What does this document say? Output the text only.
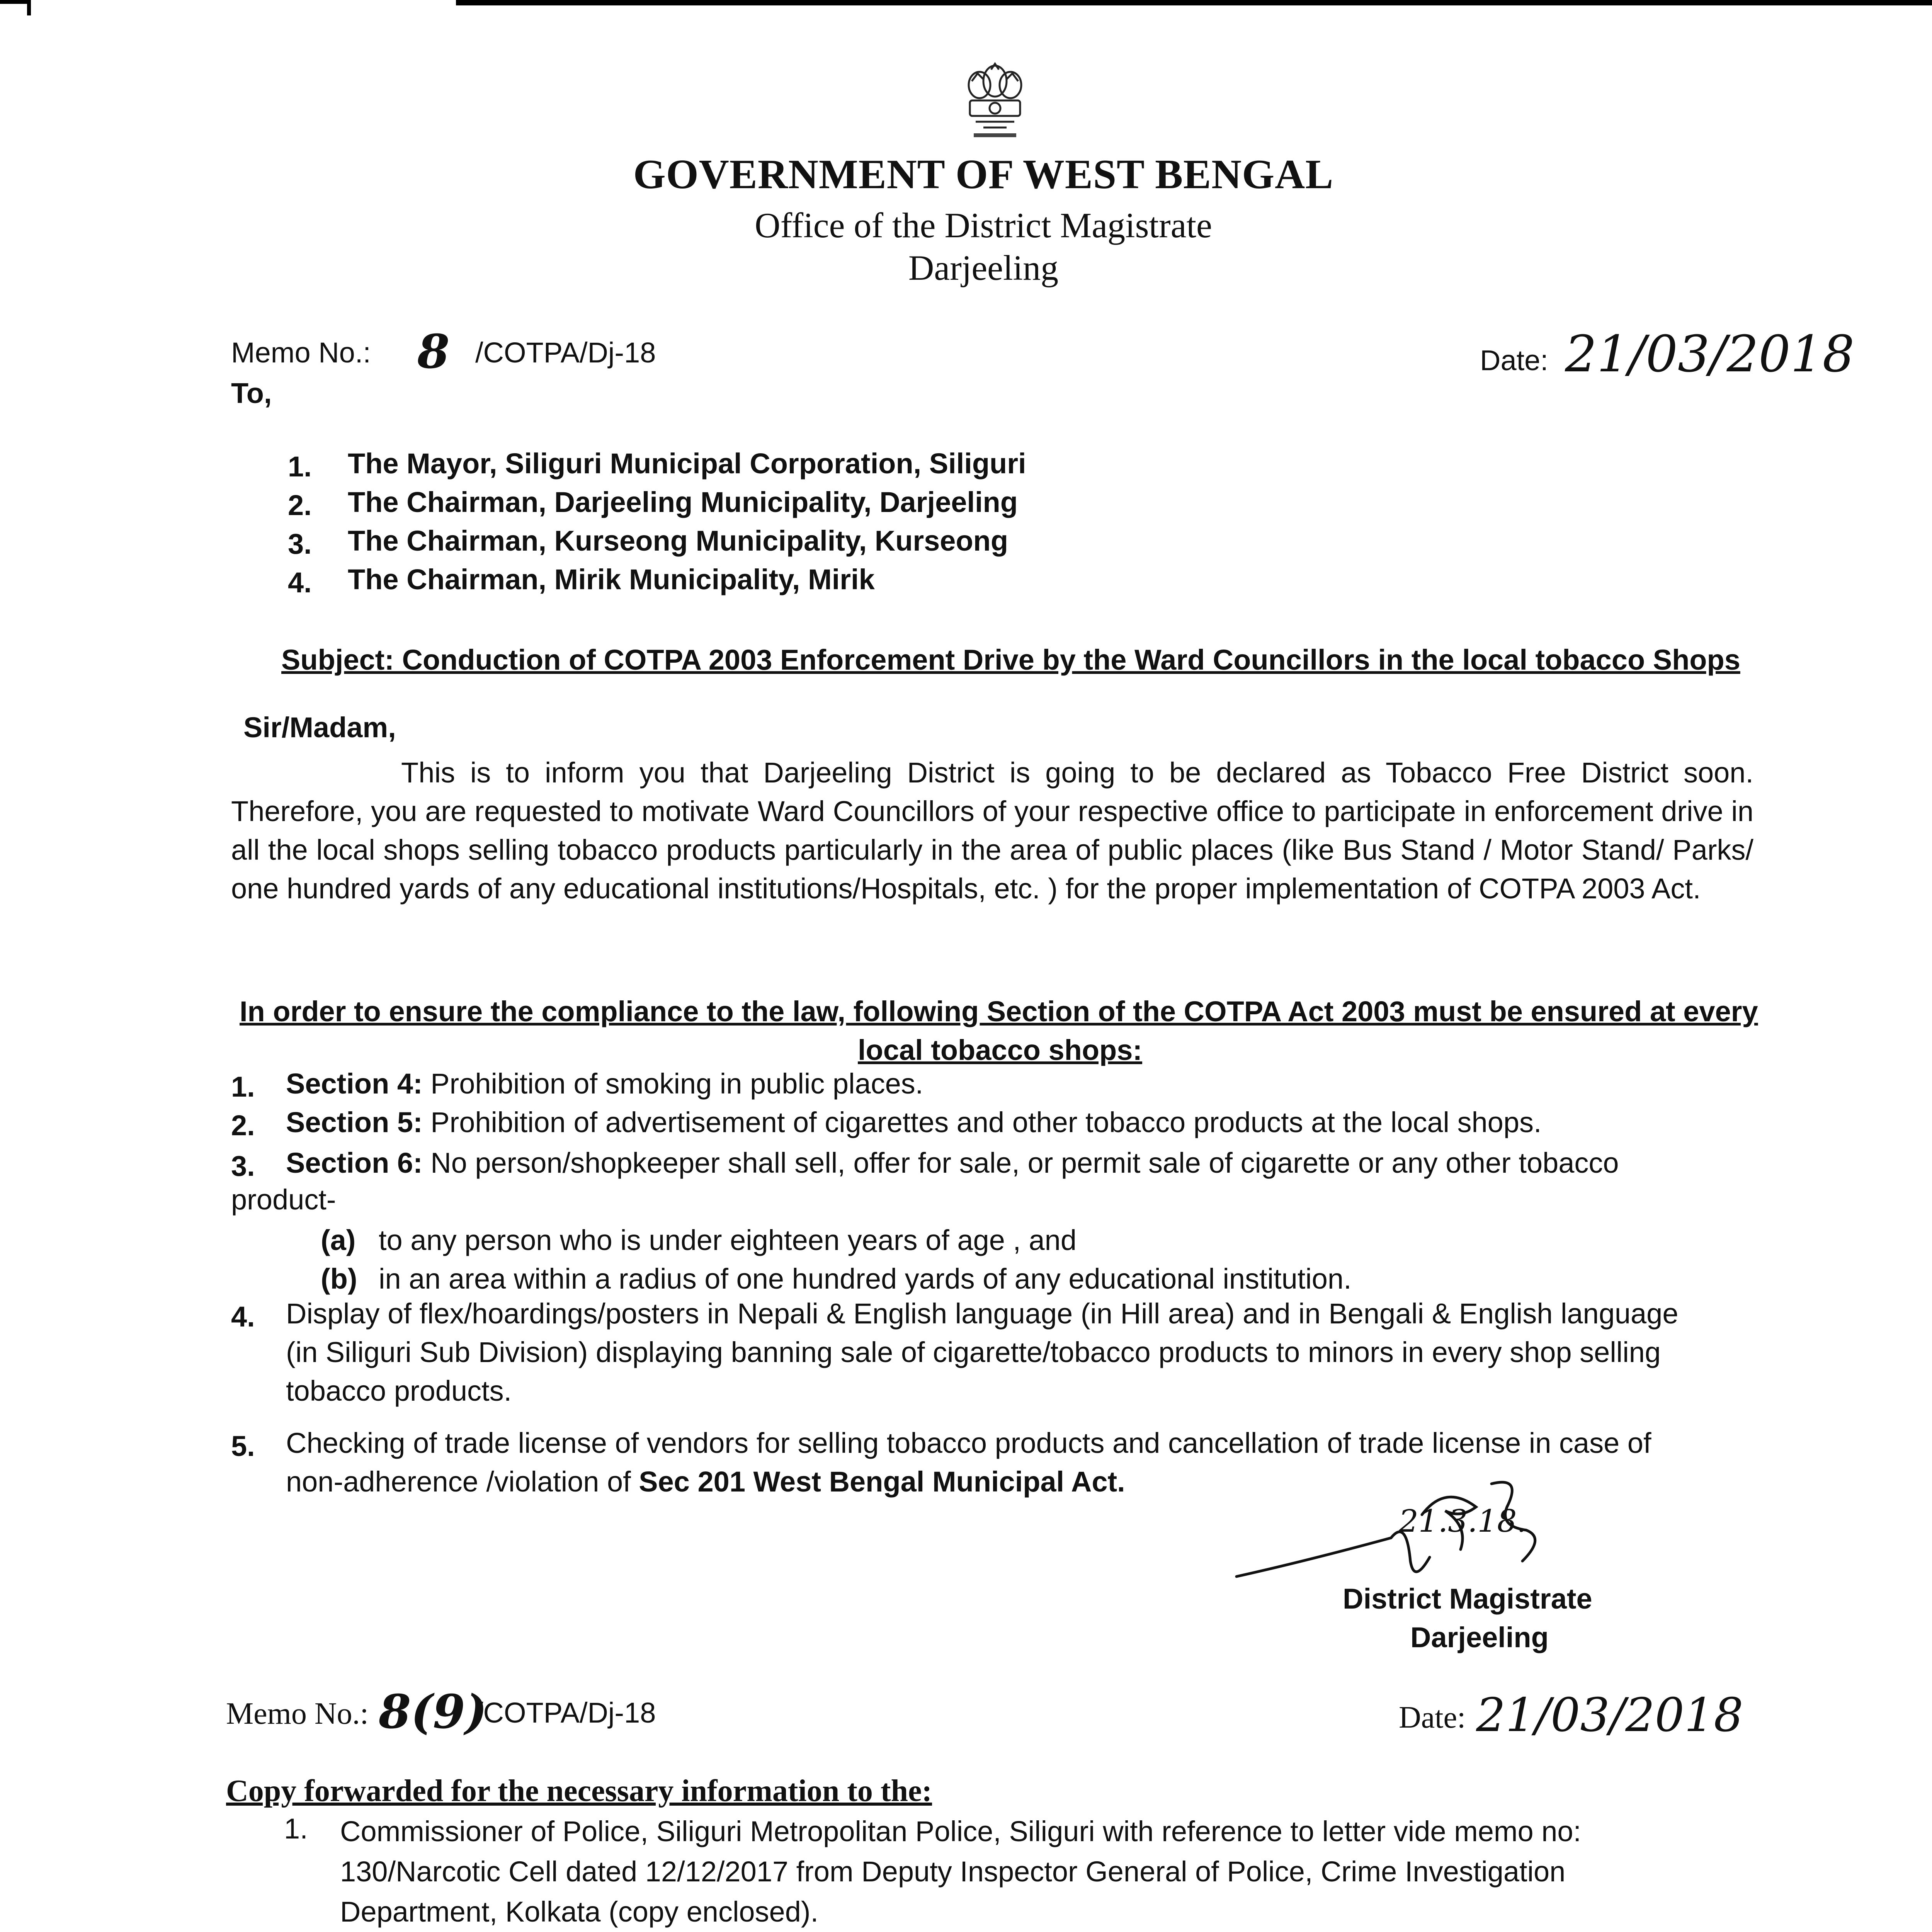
GOVERNMENT OF WEST BENGAL
Office of the District Magistrate
Darjeeling
Memo No.: 8 /COTPA/Dj-18	Date: 21/03/2018
To,
1. The Mayor, Siliguri Municipal Corporation, Siliguri
2. The Chairman, Darjeeling Municipality, Darjeeling
3. The Chairman, Kurseong Municipality, Kurseong
4. The Chairman, Mirik Municipality, Mirik
Subject: Conduction of COTPA 2003 Enforcement Drive by the Ward Councillors in the local tobacco Shops
Sir/Madam,
This is to inform you that Darjeeling District is going to be declared as Tobacco Free District soon. Therefore, you are requested to motivate Ward Councillors of your respective office to participate in enforcement drive in all the local shops selling tobacco products particularly in the area of public places (like Bus Stand / Motor Stand/ Parks/ one hundred yards of any educational institutions/Hospitals, etc. ) for the proper implementation of COTPA 2003 Act.
In order to ensure the compliance to the law, following Section of the COTPA Act 2003 must be ensured at every
local tobacco shops:
1. Section 4: Prohibition of smoking in public places.
2. Section 5: Prohibition of advertisement of cigarettes and other tobacco products at the local shops.
3. Section 6: No person/shopkeeper shall sell, offer for sale, or permit sale of cigarette or any other tobacco
product-
(a) to any person who is under eighteen years of age , and
(b) in an area within a radius of one hundred yards of any educational institution.
4. Display of flex/hoardings/posters in Nepali & English language (in Hill area) and in Bengali & English language
(in Siliguri Sub Division) displaying banning sale of cigarette/tobacco products to minors in every shop selling
tobacco products.
5. Checking of trade license of vendors for selling tobacco products and cancellation of trade license in case of
non-adherence /violation of Sec 201 West Bengal Municipal Act.
21.3.18.
District Magistrate
Darjeeling
Memo No.: 8(9)
/COTPA/Dj-18	Date: 21/03/2018
Copy forwarded for the necessary information to the:
1. Commissioner of Police, Siliguri Metropolitan Police, Siliguri with reference to letter vide memo no:
130/Narcotic Cell dated 12/12/2017 from Deputy Inspector General of Police, Crime Investigation
Department, Kolkata (copy enclosed).
